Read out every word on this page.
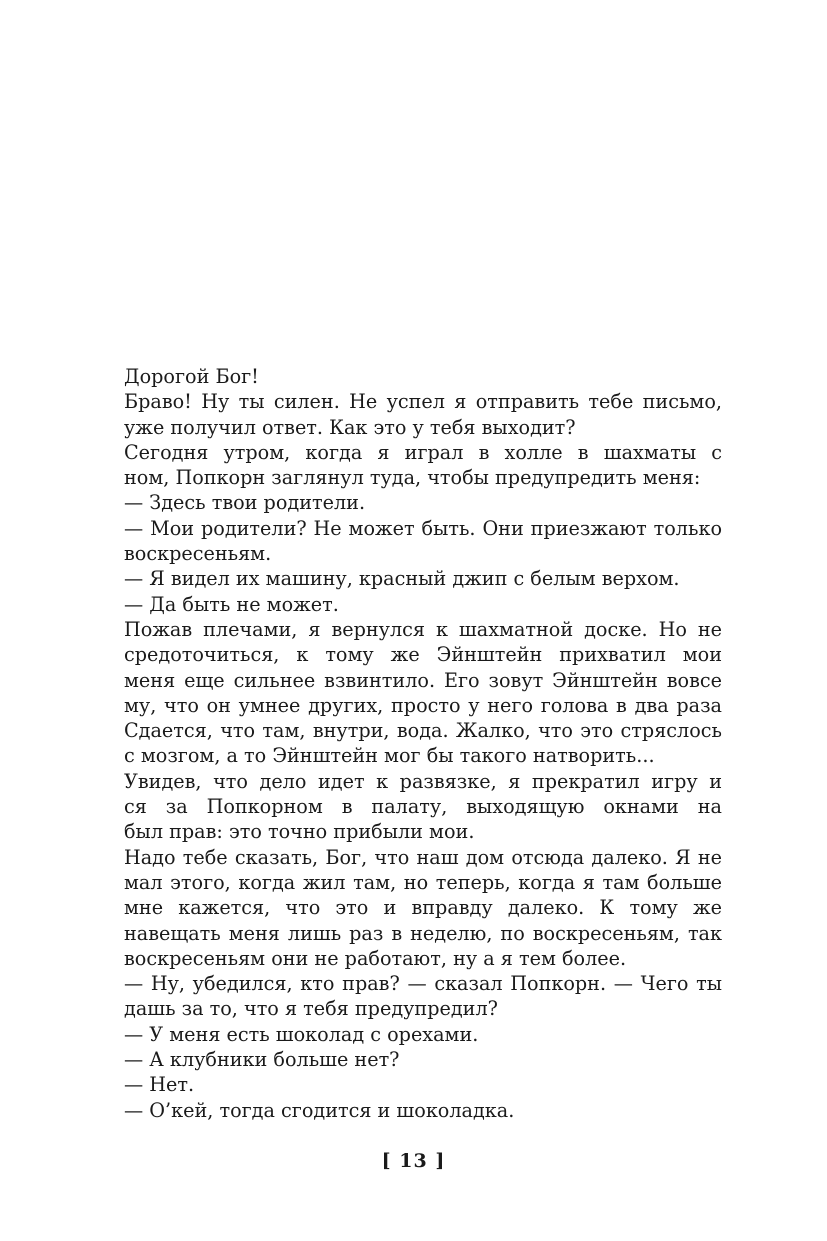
Дорогой Бог!
Браво! Ну ты силен. Не успел я отправить тебе письмо,
уже получил ответ. Как это у тебя выходит?
Сегодня утром, когда я играл в холле в шахматы с
ном, Попкорн заглянул туда, чтобы предупредить меня:
— Здесь твои родители.
— Мои родители? Не может быть. Они приезжают только
воскресеньям.
— Я видел их машину, красный джип с белым верхом.
— Да быть не может.
Пожав плечами, я вернулся к шахматной доске. Но не
средоточиться, к тому же Эйнштейн прихватил мои
меня еще сильнее взвинтило. Его зовут Эйнштейн вовсе
му, что он умнее других, просто у него голова в два раза
Сдается, что там, внутри, вода. Жалко, что это стряслось
с мозгом, а то Эйнштейн мог бы такого натворить...
Увидев, что дело идет к развязке, я прекратил игру и
ся за Попкорном в палату, выходящую окнами на
был прав: это точно прибыли мои.
Надо тебе сказать, Бог, что наш дом отсюда далеко. Я не
мал этого, когда жил там, но теперь, когда я там больше
мне кажется, что это и вправду далеко. К тому же
навещать меня лишь раз в неделю, по воскресеньям, так
воскресеньям они не работают, ну а я тем более.
— Ну, убедился, кто прав? — сказал Попкорн. — Чего ты
дашь за то, что я тебя предупредил?
— У меня есть шоколад с орехами.
— А клубники больше нет?
— Нет.
— О’кей, тогда сгодится и шоколадка.
[ 13 ]
